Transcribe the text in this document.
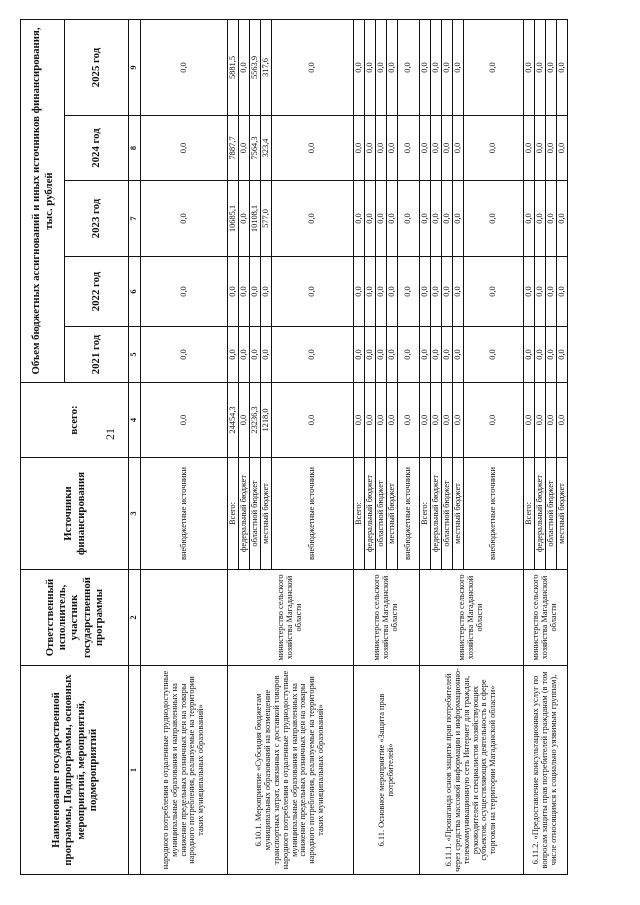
21
Наименование государственной программы, Подпрограммы, основных мероприятий, мероприятий, подмероприятий	Ответственный исполнитель, участник государственной программы	Источники финансирования	всего:	Объем бюджетных ассигнований и иных источников финансирования, тыс. рублей				
				2021 год	2022 год	2023 год	2024 год	2025 год
1	2	3	4	5	6	7	8	9
народного потребления в отдаленные труднодоступные муниципальные образования и направленных на снижение предельных розничных цен на товары народного потребления, реализуемые на территории таких муниципальных образований»		внебюджетные источники	0,0	0,0	0,0	0,0	0,0	0,0
6.10.1. Мероприятие «Субсидия бюджетам муниципальных образований на возмещение транспортных затрат, связанных с доставкой товаров народного потребления в отдаленные труднодоступные муниципальные образования и направленных на снижение предельных розничных цен на товары народного потребления, реализуемые на территории таких муниципальных образований»	министерство сельского хозяйства Магаданской области	Всего:	24454,3	0,0	0,0	10685,1	7887,7	5881,5
		федеральный бюджет	0,0	0,0	0,0	0,0	0,0	0,0
		областной бюджет	23236,3	0,0	0,0	10108,1	7564,3	5563,9
		местный бюджет	1218,0	0,0	0,0	577,0	323,4	317,6
		внебюджетные источники	0,0	0,0	0,0	0,0	0,0	0,0
6.11. Основное мероприятие «Защита прав потребителей»	министерство сельского хозяйства Магаданской области	Всего:	0,0	0,0	0,0	0,0	0,0	0,0
		федеральный бюджет	0,0	0,0	0,0	0,0	0,0	0,0
		областной бюджет	0,0	0,0	0,0	0,0	0,0	0,0
		местный бюджет	0,0	0,0	0,0	0,0	0,0	0,0
		внебюджетные источники	0,0	0,0	0,0	0,0	0,0	0,0
6.11.1. «Пропаганда основ защиты прав потребителей через средства массовой информации и информационно-телекоммуникационную сеть Интернет для граждан, руководителей и специалистов хозяйствующих субъектов, осуществляющих деятельность в сфере торговли на территории Магаданской области»	министерство сельского хозяйства Магаданской области	Всего:	0,0	0,0	0,0	0,0	0,0	0,0
		федеральный бюджет	0,0	0,0	0,0	0,0	0,0	0,0
		областной бюджет	0,0	0,0	0,0	0,0	0,0	0,0
		местный бюджет	0,0	0,0	0,0	0,0	0,0	0,0
		внебюджетные источники	0,0	0,0	0,0	0,0	0,0	0,0
6.11.2. «Предоставление консультационных услуг по вопросам защиты прав потребителей гражданам (в том числе относящимся к социально уязвимым группам),	министерство сельского хозяйства Магаданской области	Всего:	0,0	0,0	0,0	0,0	0,0	0,0
		федеральный бюджет	0,0	0,0	0,0	0,0	0,0	0,0
		областной бюджет	0,0	0,0	0,0	0,0	0,0	0,0
		местный бюджет	0,0	0,0	0,0	0,0	0,0	0,0
